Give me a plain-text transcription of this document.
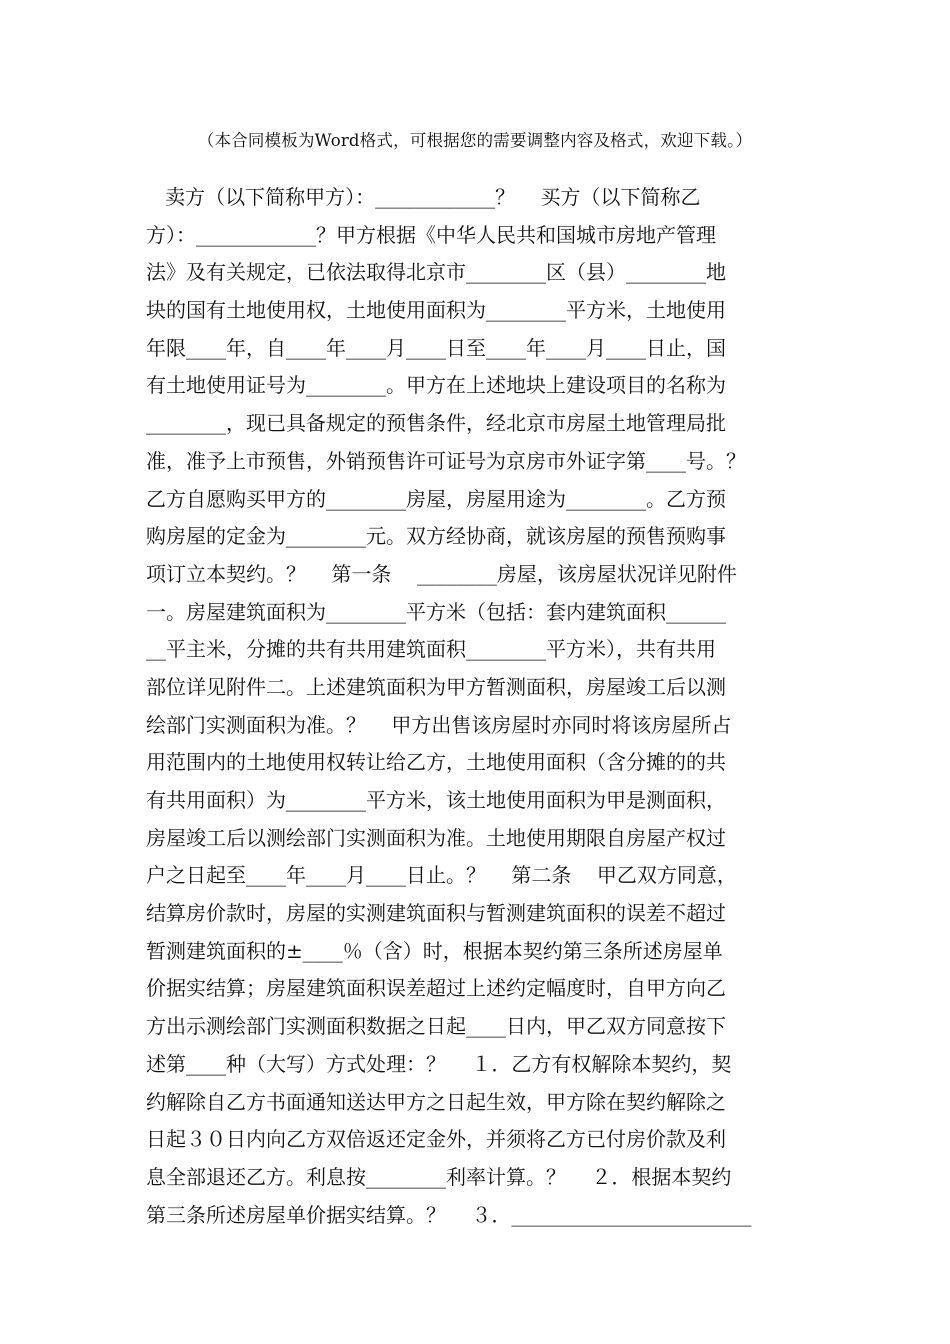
（本合同模板为Word格式，可根据您的需要调整内容及格式，欢迎下载。）
卖方（以下简称甲方）：____________？    买方（以下简称乙
方）：____________？甲方根据《中华人民共和国城市房地产管理
法》及有关规定，已依法取得北京市________区（县）________地
块的国有土地使用权，土地使用面积为________平方米，土地使用
年限____年，自____年____月____日至____年____月____日止，国
有土地使用证号为________。甲方在上述地块上建设项目的名称为
________，现已具备规定的预售条件，经北京市房屋土地管理局批
准，准予上市预售，外销预售许可证号为京房市外证字第____号。？
乙方自愿购买甲方的________房屋，房屋用途为________。乙方预
购房屋的定金为________元。双方经协商，就该房屋的预售预购事
项订立本契约。？    第一条    ________房屋，该房屋状况详见附件
一。房屋建筑面积为________平方米（包括：套内建筑面积______
__平主米，分摊的共有共用建筑面积________平方米），共有共用
部位详见附件二。上述建筑面积为甲方暂测面积，房屋竣工后以测
绘部门实测面积为准。？    甲方出售该房屋时亦同时将该房屋所占
用范围内的土地使用权转让给乙方，土地使用面积（含分摊的的共
有共用面积）为________平方米，该土地使用面积为甲是测面积，
房屋竣工后以测绘部门实测面积为准。土地使用期限自房屋产权过
户之日起至____年____月____日止。？    第二条    甲乙双方同意，
结算房价款时，房屋的实测建筑面积与暂测建筑面积的误差不超过
暂测建筑面积的±____％（含）时，根据本契约第三条所述房屋单
价据实结算；房屋建筑面积误差超过上述约定幅度时，自甲方向乙
方出示测绘部门实测面积数据之日起____日内，甲乙双方同意按下
述第____种（大写）方式处理：？    １．乙方有权解除本契约，契
约解除自乙方书面通知送达甲方之日起生效，甲方除在契约解除之
日起３０日内向乙方双倍返还定金外，并须将乙方已付房价款及利
息全部退还乙方。利息按________利率计算。？    ２．根据本契约
第三条所述房屋单价据实结算。？    ３．________________________
